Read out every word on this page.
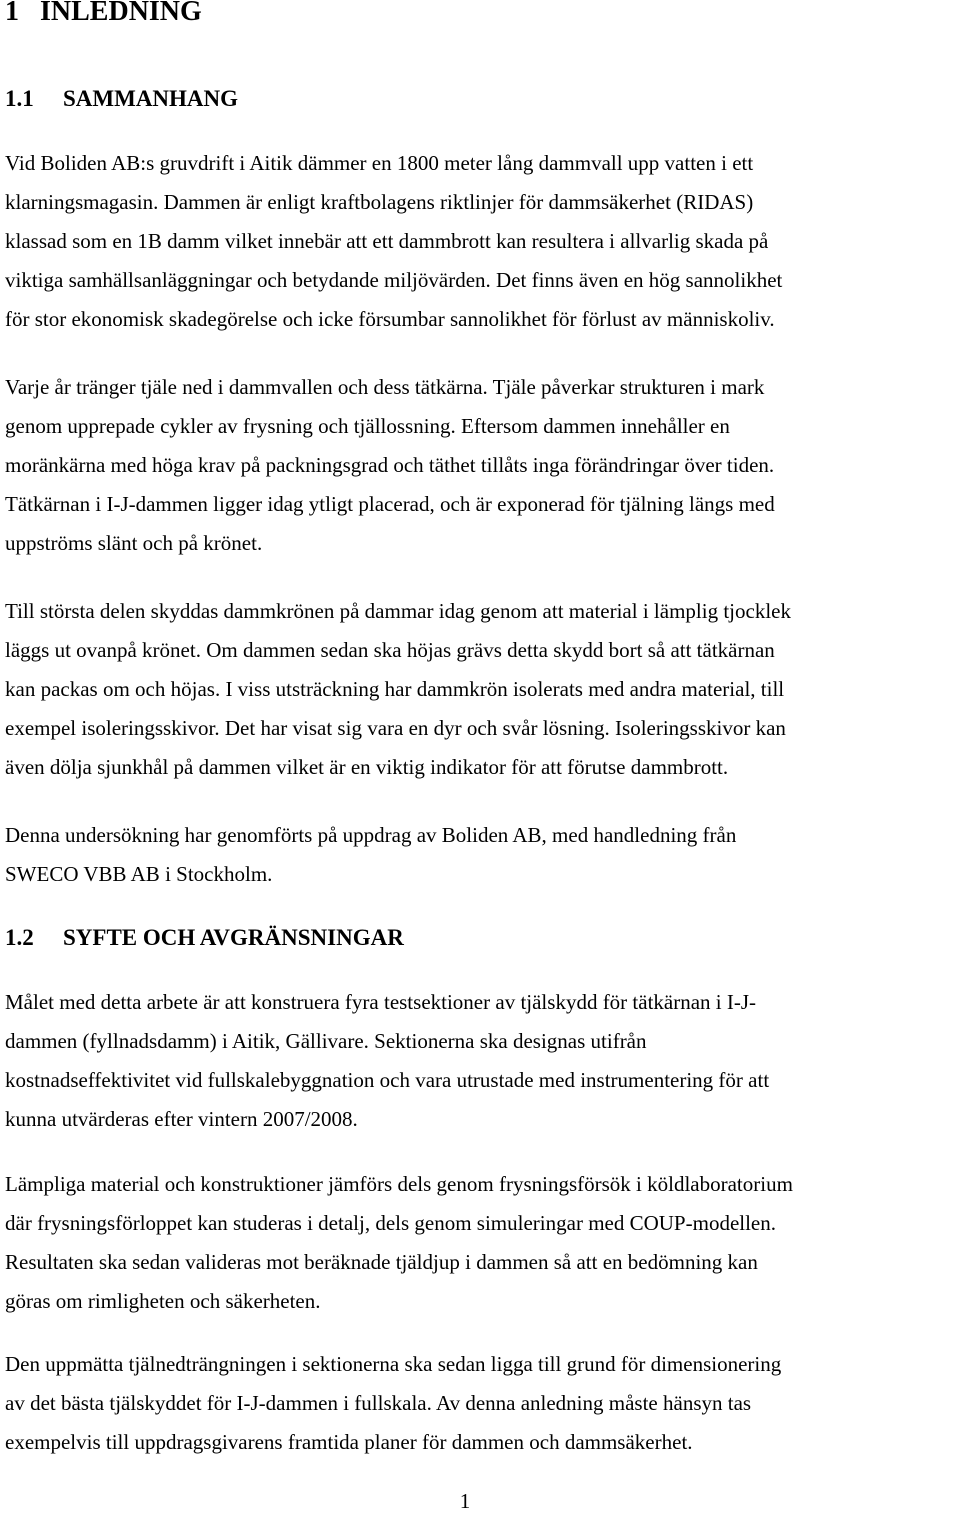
1 INLEDNING
1.1 SAMMANHANG

Vid Boliden AB:s gruvdrift i Aitik dämmer en 1800 meter lång dammvall upp vatten i ett
klarningsmagasin. Dammen är enligt kraftbolagens riktlinjer för dammsäkerhet (RIDAS)
klassad som en 1B damm vilket innebär att ett dammbrott kan resultera i allvarlig skada på
viktiga samhällsanläggningar och betydande miljövärden. Det finns även en hög sannolikhet
för stor ekonomisk skadegörelse och icke försumbar sannolikhet för förlust av människoliv.

Varje år tränger tjäle ned i dammvallen och dess tätkärna. Tjäle påverkar strukturen i mark
genom upprepade cykler av frysning och tjällossning. Eftersom dammen innehåller en
moränkärna med höga krav på packningsgrad och täthet tillåts inga förändringar över tiden.
Tätkärnan i I-J-dammen ligger idag ytligt placerad, och är exponerad för tjälning längs med
uppströms slänt och på krönet.

Till största delen skyddas dammkrönen på dammar idag genom att material i lämplig tjocklek
läggs ut ovanpå krönet. Om dammen sedan ska höjas grävs detta skydd bort så att tätkärnan
kan packas om och höjas. I viss utsträckning har dammkrön isolerats med andra material, till
exempel isoleringsskivor. Det har visat sig vara en dyr och svår lösning. Isoleringsskivor kan
även dölja sjunkhål på dammen vilket är en viktig indikator för att förutse dammbrott.

Denna undersökning har genomförts på uppdrag av Boliden AB, med handledning från
SWECO VBB AB i Stockholm.

1.2 SYFTE OCH AVGRÄNSNINGAR

Målet med detta arbete är att konstruera fyra testsektioner av tjälskydd för tätkärnan i I-J-
dammen (fyllnadsdamm) i Aitik, Gällivare. Sektionerna ska designas utifrån
kostnadseffektivitet vid fullskalebyggnation och vara utrustade med instrumentering för att
kunna utvärderas efter vintern 2007/2008.

Lämpliga material och konstruktioner jämförs dels genom frysningsförsök i köldlaboratorium
där frysningsförloppet kan studeras i detalj, dels genom simuleringar med COUP-modellen.
Resultaten ska sedan valideras mot beräknade tjäldjup i dammen så att en bedömning kan
göras om rimligheten och säkerheten.

Den uppmätta tjälnedträngningen i sektionerna ska sedan ligga till grund för dimensionering
av det bästa tjälskyddet för I-J-dammen i fullskala. Av denna anledning måste hänsyn tas
exempelvis till uppdragsgivarens framtida planer för dammen och dammsäkerhet.

1
